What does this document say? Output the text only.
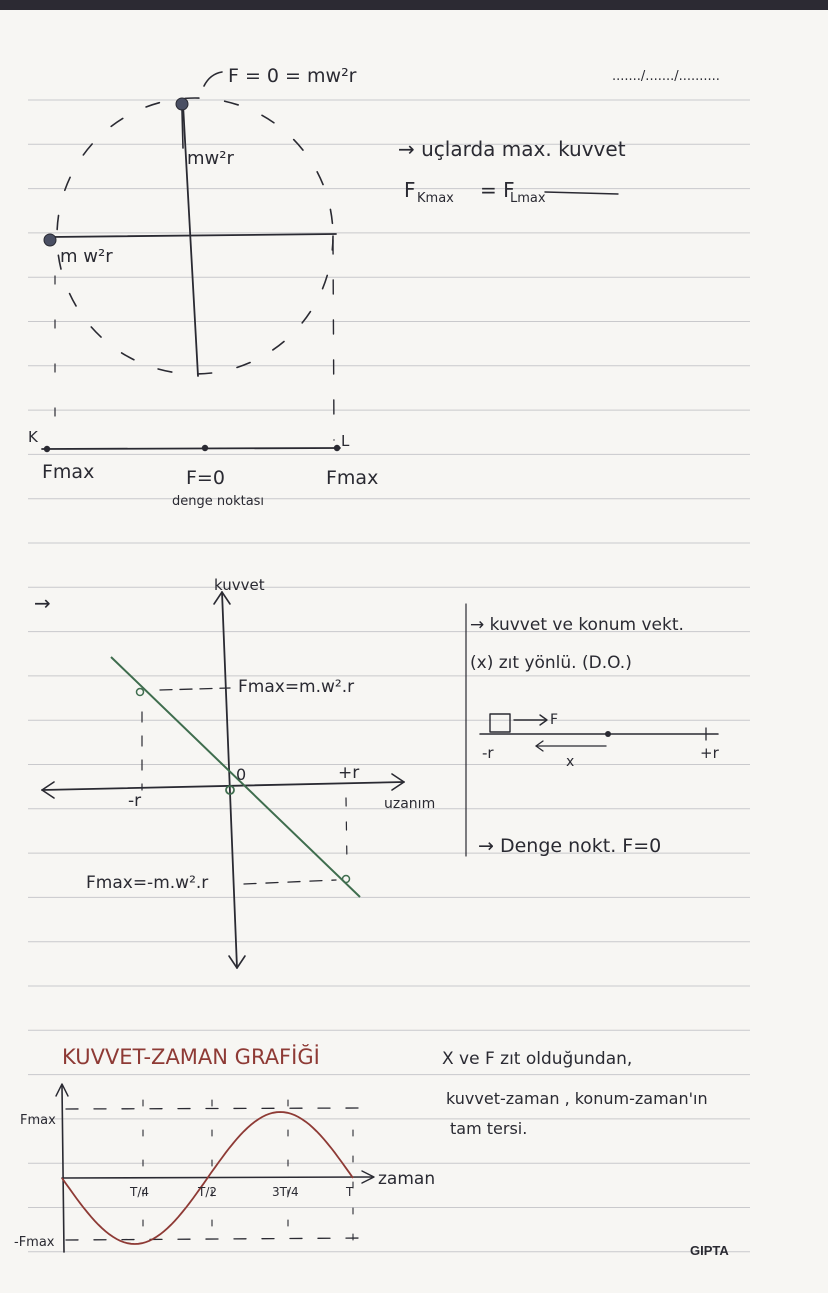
......./......./..........
F = 0 = mw²r
mw²r
m w²r
→ uçlarda max. kuvvet
F Kmax = F
Lmax
K	L
Fmax	F=0
denge noktası
Fmax
→
kuvvet
uzanım
0
-r
+r
Fmax=m.w².r
Fmax=-m.w².r
→ kuvvet ve konum vekt.
(x) zıt yönlü. (D.O.)
F
-r	+r
x
→ Denge nokt. F=0
KUVVET-ZAMAN GRAFİĞİ
Fmax
-Fmax
zaman
T/4	T/2	3T/4	T
X ve F zıt olduğundan,
kuvvet-zaman , konum-zaman'ın
tam tersi.
GIPTA
